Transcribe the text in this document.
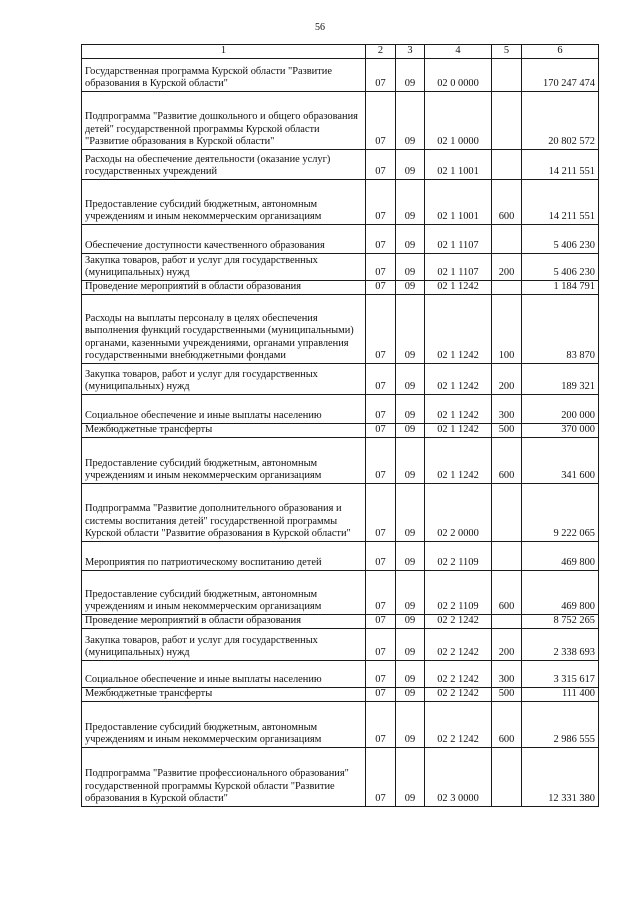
56
1	2	3	4	5	6
Государственная программа Курской области "Развитие образования в Курской области"	07	09	02 0 0000		170 247 474
Подпрограмма "Развитие дошкольного и общего образования детей" государственной программы Курской области "Развитие образования в Курской области"	07	09	02 1 0000		20 802 572
Расходы на обеспечение деятельности (оказание услуг) государственных учреждений	07	09	02 1 1001		14 211 551
Предоставление субсидий бюджетным, автономным учреждениям и иным некоммерческим организациям	07	09	02 1 1001	600	14 211 551
Обеспечение доступности качественного образования	07	09	02 1 1107		5 406 230
Закупка товаров, работ и услуг для государственных (муниципальных) нужд	07	09	02 1 1107	200	5 406 230
Проведение мероприятий в области образования	07	09	02 1 1242		1 184 791
Расходы на выплаты персоналу в целях обеспечения выполнения функций государственными (муниципальными) органами, казенными учреждениями, органами управления государственными внебюджетными фондами	07	09	02 1 1242	100	83 870
Закупка товаров, работ и услуг для государственных (муниципальных) нужд	07	09	02 1 1242	200	189 321
Социальное обеспечение и иные выплаты населению	07	09	02 1 1242	300	200 000
Межбюджетные трансферты	07	09	02 1 1242	500	370 000
Предоставление субсидий бюджетным, автономным учреждениям и иным некоммерческим организациям	07	09	02 1 1242	600	341 600
Подпрограмма "Развитие дополнительного образования и системы воспитания детей" государственной программы Курской области "Развитие образования в Курской области"	07	09	02 2 0000		9 222 065
Мероприятия по патриотическому воспитанию детей	07	09	02 2 1109		469 800
Предоставление субсидий бюджетным, автономным учреждениям и иным некоммерческим организациям	07	09	02 2 1109	600	469 800
Проведение мероприятий в области образования	07	09	02 2 1242		8 752 265
Закупка товаров, работ и услуг для государственных (муниципальных) нужд	07	09	02 2 1242	200	2 338 693
Социальное обеспечение и иные выплаты населению	07	09	02 2 1242	300	3 315 617
Межбюджетные трансферты	07	09	02 2 1242	500	111 400
Предоставление субсидий бюджетным, автономным учреждениям и иным некоммерческим организациям	07	09	02 2 1242	600	2 986 555
Подпрограмма "Развитие профессионального образования" государственной программы Курской области "Развитие образования в Курской области"	07	09	02 3 0000		12 331 380
